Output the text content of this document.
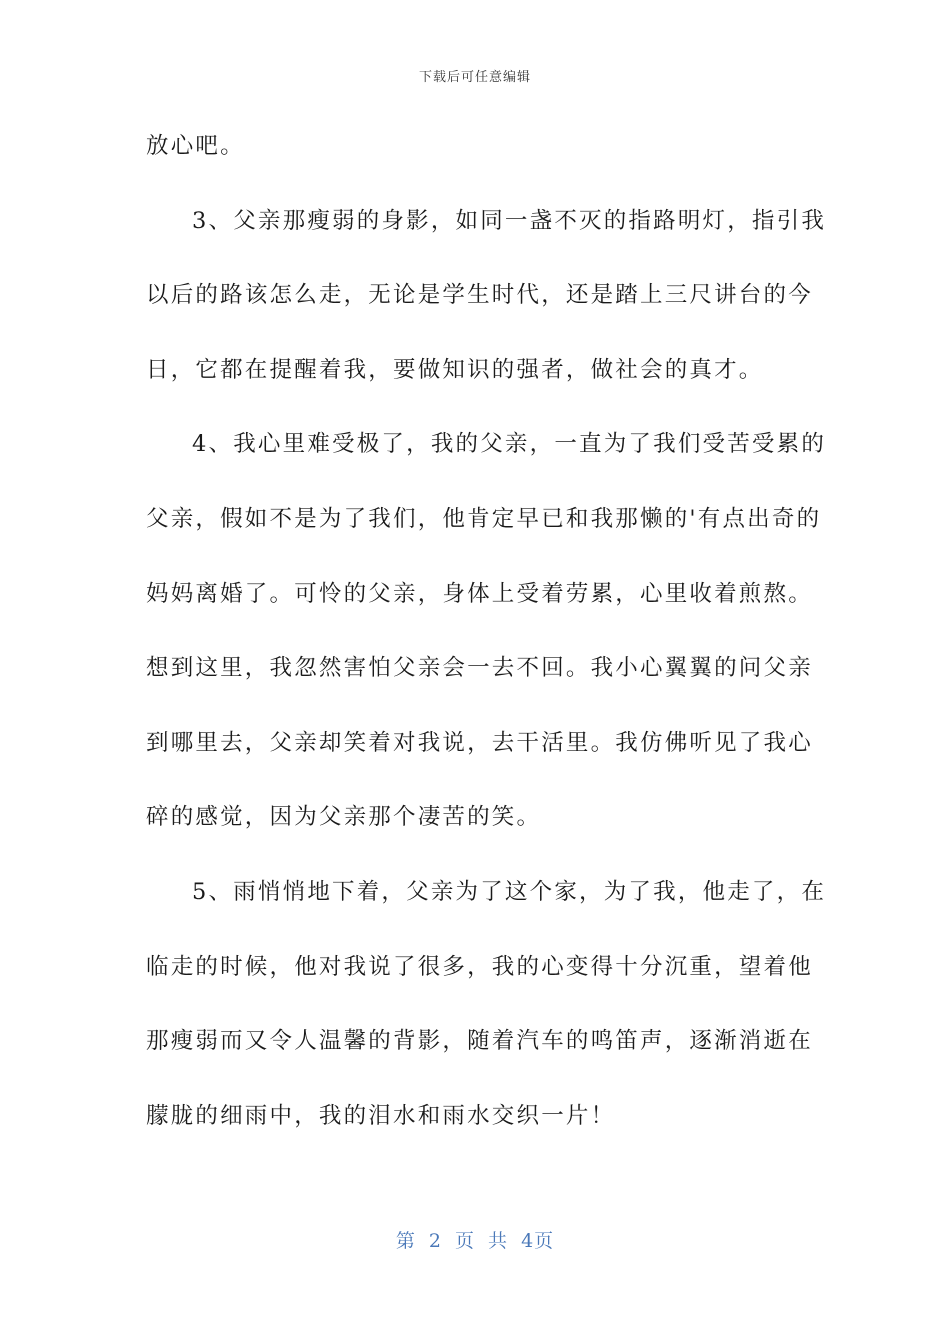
下载后可任意编辑
放心吧。
3、父亲那瘦弱的身影，如同一盏不灭的指路明灯，指引我
以后的路该怎么走，无论是学生时代，还是踏上三尺讲台的今
日，它都在提醒着我，要做知识的强者，做社会的真才。
4、我心里难受极了，我的父亲，一直为了我们受苦受累的
父亲，假如不是为了我们，他肯定早已和我那懒的'有点出奇的
妈妈离婚了。可怜的父亲，身体上受着劳累，心里收着煎熬。
想到这里，我忽然害怕父亲会一去不回。我小心翼翼的问父亲
到哪里去，父亲却笑着对我说，去干活里。我仿佛听见了我心
碎的感觉，因为父亲那个凄苦的笑。
5、雨悄悄地下着，父亲为了这个家，为了我，他走了，在
临走的时候，他对我说了很多，我的心变得十分沉重，望着他
那瘦弱而又令人温馨的背影，随着汽车的鸣笛声，逐渐消逝在
朦胧的细雨中，我的泪水和雨水交织一片！
第 2 页 共 4页
